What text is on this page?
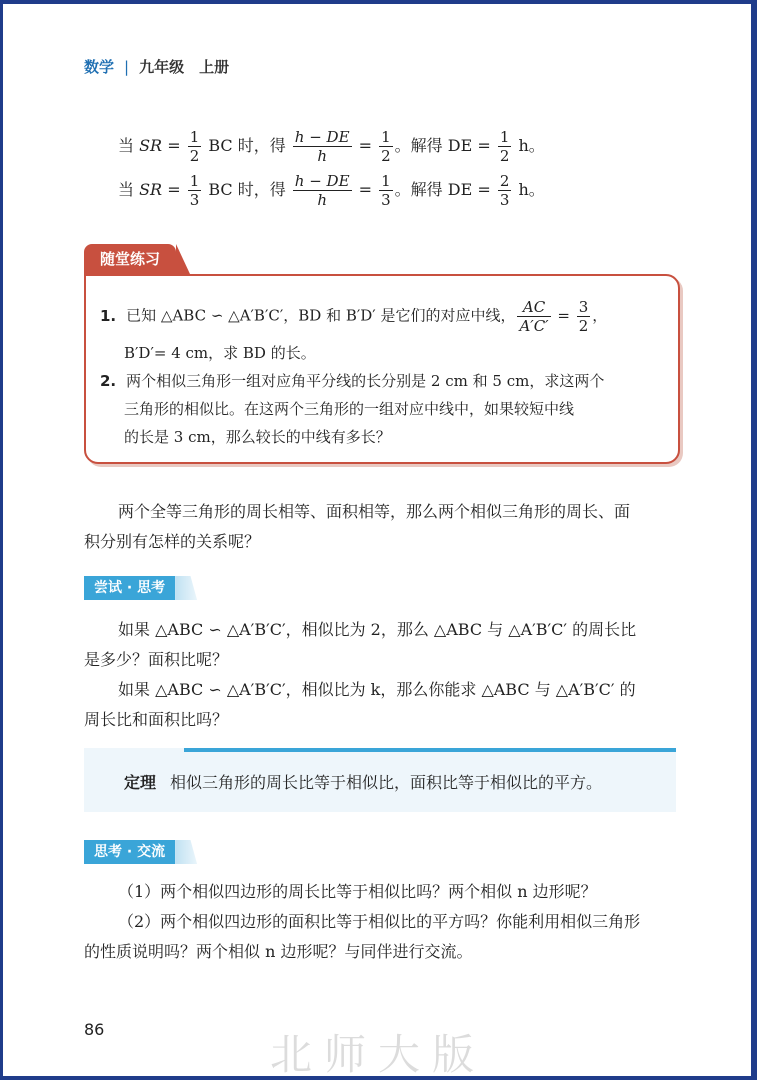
数学 | 九年级　上册
当 SR = $\frac{1}{2}$ BC 时，得 $\frac{h - DE}{h} = \frac{1}{2}$ 。解得 DE = $\frac{1}{2}$ h。
当 SR = $\frac{1}{3}$ BC 时，得 $\frac{h - DE}{h} = \frac{1}{3}$ 。解得 DE = $\frac{2}{3}$ h。
随堂练习
1. 已知 △ABC ∽ △A′B′C′，BD 和 B′D′ 是它们的对应中线， $\frac{AC}{A'C'} = \frac{3}{2}$ ，
B′D′= 4 cm，求 BD 的长。
2. 两个相似三角形一组对应角平分线的长分别是 2 cm 和 5 cm，求这两个
三角形的相似比。在这两个三角形的一组对应中线中，如果较短中线
的长是 3 cm，那么较长的中线有多长？
两个全等三角形的周长相等、面积相等，那么两个相似三角形的周长、面
积分别有怎样的关系呢？
尝试 · 思考
如果 △ABC ∽ △A′B′C′，相似比为 2，那么 △ABC 与 △A′B′C′ 的周长比
是多少？面积比呢？
如果 △ABC ∽ △A′B′C′，相似比为 k，那么你能求 △ABC 与 △A′B′C′ 的
周长比和面积比吗？
定理 相似三角形的周长比等于相似比，面积比等于相似比的平方。
思考 · 交流
（1）两个相似四边形的周长比等于相似比吗？两个相似 n 边形呢？
（2）两个相似四边形的面积比等于相似比的平方吗？你能利用相似三角形
的性质说明吗？两个相似 n 边形呢？与同伴进行交流。
86
北师大版
